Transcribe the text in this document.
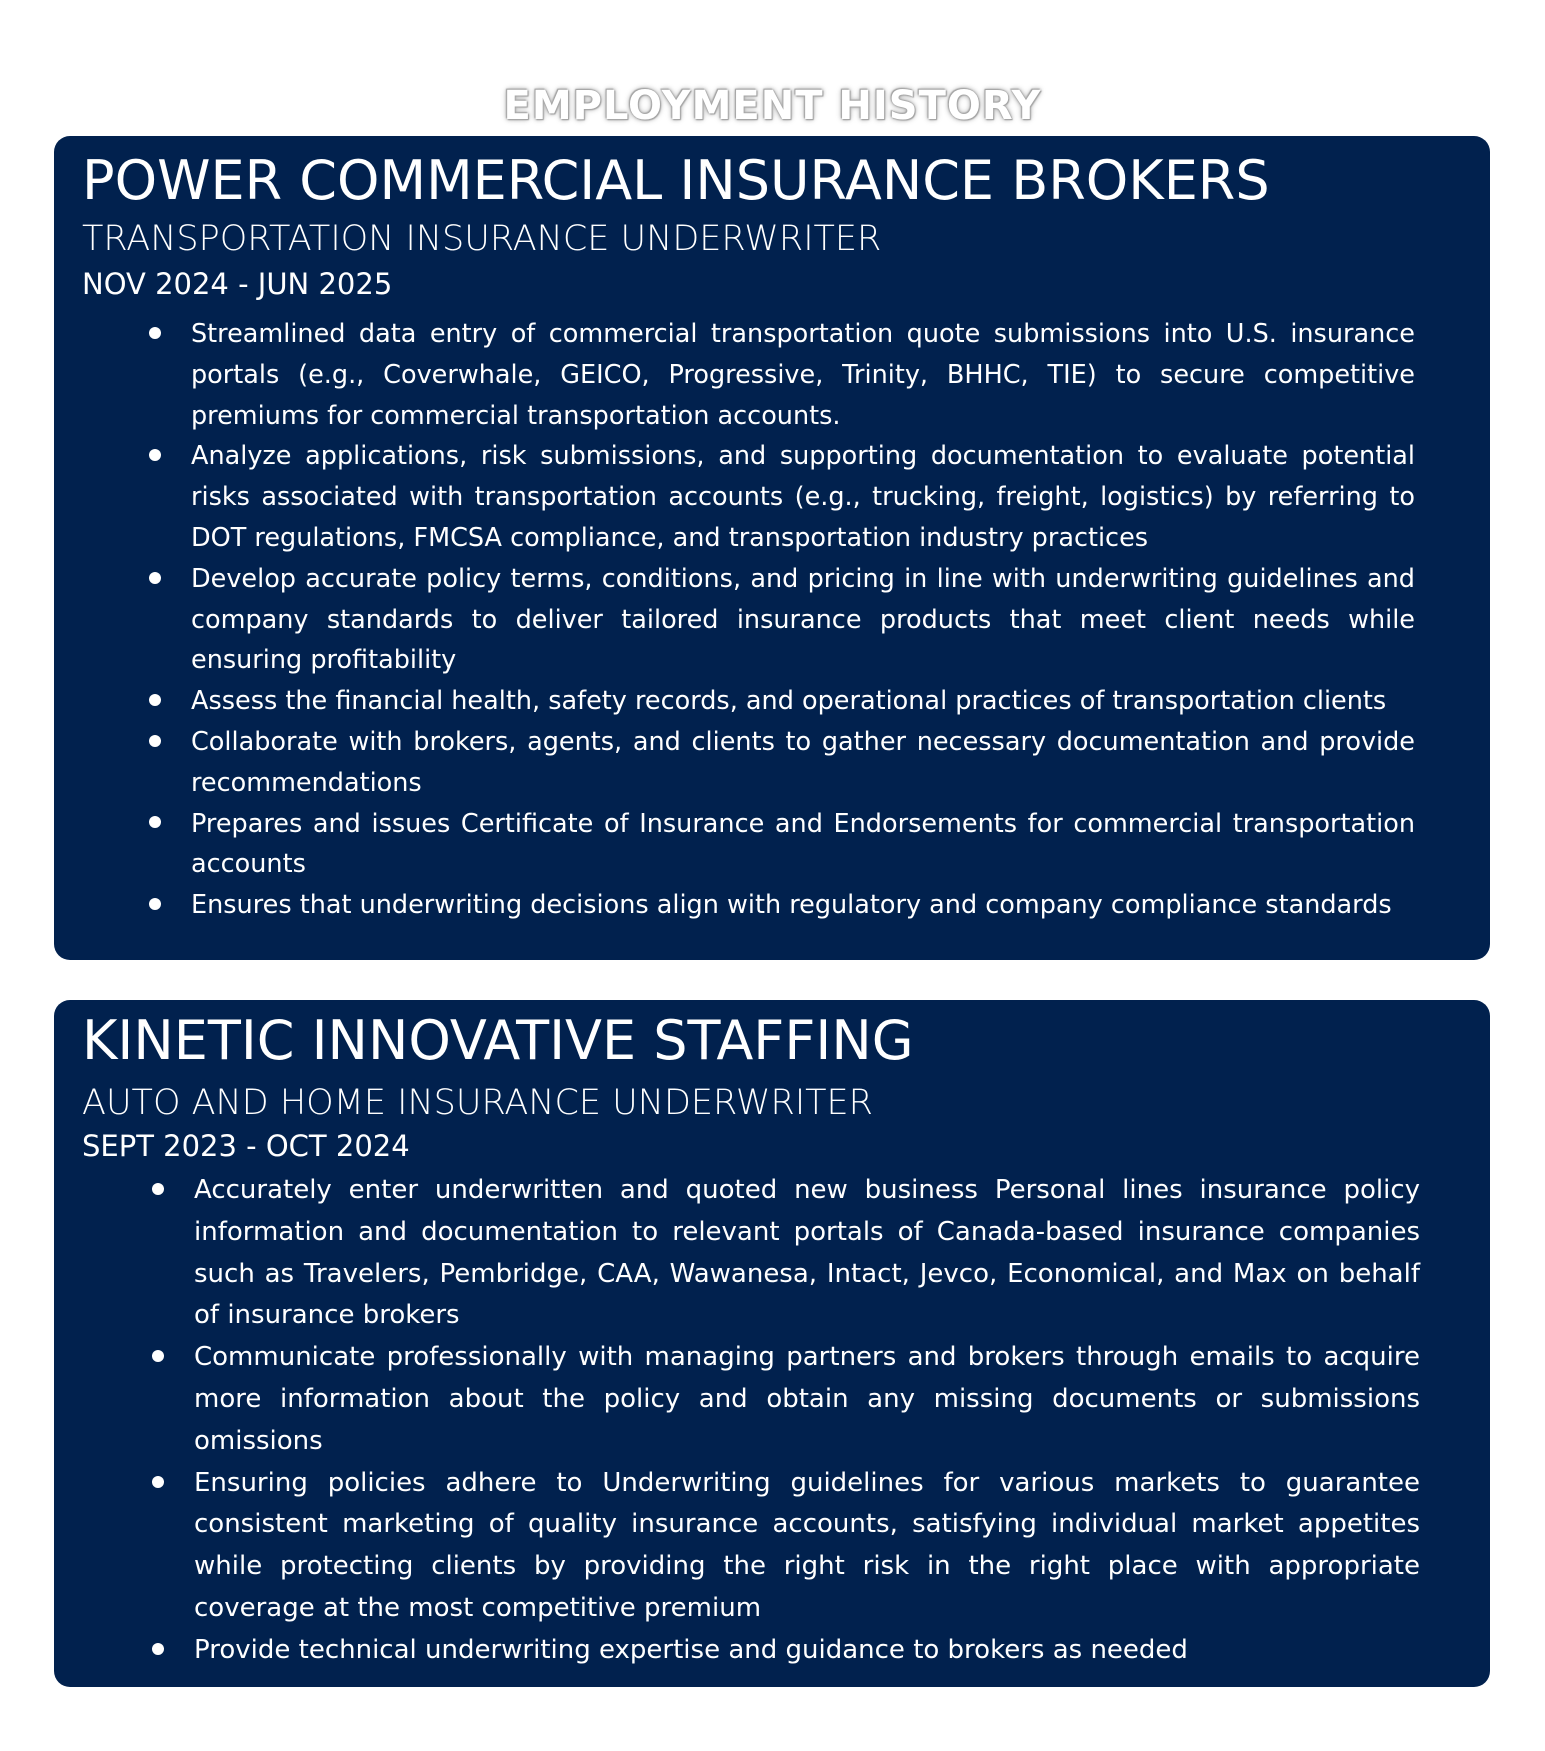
EMPLOYMENT HISTORY
POWER COMMERCIAL INSURANCE BROKERS
TRANSPORTATION INSURANCE UNDERWRITER
NOV 2024 - JUN 2025
Streamlined data entry of commercial transportation quote submissions into U.S. insurance portals (e.g., Coverwhale, GEICO, Progressive, Trinity, BHHC, TIE) to secure competitive premiums for commercial transportation accounts.
Analyze applications, risk submissions, and supporting documentation to evaluate potential risks associated with transportation accounts (e.g., trucking, freight, logistics) by referring to DOT regulations, FMCSA compliance, and transportation industry practices
Develop accurate policy terms, conditions, and pricing in line with underwriting guidelines and company standards to deliver tailored insurance products that meet client needs while ensuring profitability
Assess the financial health, safety records, and operational practices of transportation clients
Collaborate with brokers, agents, and clients to gather necessary documentation and provide recommendations
Prepares and issues Certificate of Insurance and Endorsements for commercial transportation accounts
Ensures that underwriting decisions align with regulatory and company compliance standards
KINETIC INNOVATIVE STAFFING
AUTO AND HOME INSURANCE UNDERWRITER
SEPT 2023 - OCT 2024
Accurately enter underwritten and quoted new business Personal lines insurance policy information and documentation to relevant portals of Canada-based insurance companies such as Travelers, Pembridge, CAA, Wawanesa, Intact, Jevco, Economical, and Max on behalf of insurance brokers
Communicate professionally with managing partners and brokers through emails to acquire more information about the policy and obtain any missing documents or submissions omissions
Ensuring policies adhere to Underwriting guidelines for various markets to guarantee consistent marketing of quality insurance accounts, satisfying individual market appetites while protecting clients by providing the right risk in the right place with appropriate coverage at the most competitive premium
Provide technical underwriting expertise and guidance to brokers as needed
